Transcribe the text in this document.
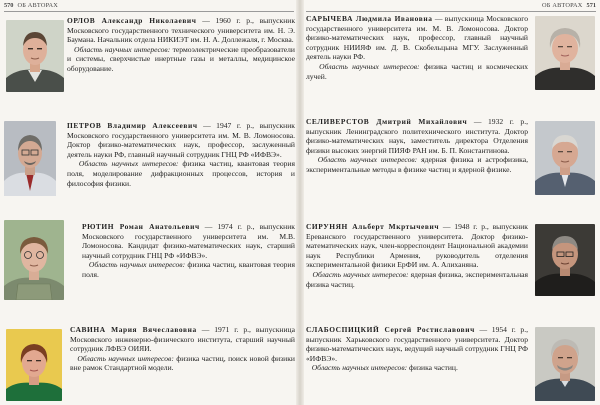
570 ОБ АВТОРАХ	ОБ АВТОРАХ 571
ОРЛОВ Александр Николаевич — 1960 г. р., выпускник Московского государственного технического университета им. Н. Э. Баумана. Начальник отдела НИКИЭТ им. Н. А. Доллежаля, г. Москва.
Область научных интересов: термоэлектрические преобразователи и системы, сверхчистые инертные газы и металлы, медицинское оборудование.
ПЕТРОВ Владимир Алексеевич — 1947 г. р., выпускник Московского государственного университета им. М. В. Ломоносова. Доктор физико-математических наук, профессор, заслуженный деятель науки РФ, главный научный сотрудник ГНЦ РФ «ИФВЭ».
Область научных интересов: физика частиц, квантовая теория поля, моделирование дифракционных процессов, история и философия физики.
РЮТИН Роман Анатольевич — 1974 г. р., выпускник Московского государственного университета им. М.В. Ломоносова. Кандидат физико-математических наук, старший научный сотрудник ГНЦ РФ «ИФВЭ».
Область научных интересов: физика частиц, квантовая теория поля.
САВИНА Мария Вячеславовна — 1971 г. р., выпускница Московского инженерно-физического института, старший научный сотрудник ЛФВЭ ОИЯИ.
Область научных интересов: физика частиц, поиск новой физики вне рамок Стандартной модели.
САРЫЧЕВА Людмила Ивановна — выпускница Московского государственного университета им. М. В. Ломоносова. Доктор физико-математических наук, профессор, главный научный сотрудник НИИЯФ им. Д. В. Скобельцына МГУ. Заслуженный деятель науки РФ.
Область научных интересов: физика частиц и космических лучей.
СЕЛИВЕРСТОВ Дмитрий Михайлович — 1932 г. р., выпускник Ленинградского политехнического института. Доктор физико-математических наук, заместитель директора Отделения физики высоких энергий ПИЯФ РАН им. Б. П. Константинова.
Область научных интересов: ядерная физика и астрофизика, экспериментальные методы в физике частиц и ядерной физике.
СИРУНЯН Альберт Мкртычевич — 1948 г. р., выпускник Ереванского государственного университета. Доктор физико-математических наук, член-корреспондент Национальной академии наук Республики Армения, руководитель отделения экспериментальной физики ЕрФИ им. А. Алиханяна.
Область научных интересов: ядерная физика, экспериментальная физика частиц.
СЛАБОСПИЦКИЙ Сергей Ростиславович — 1954 г. р., выпускник Харьковского государственного университета. Доктор физико-математических наук, ведущий научный сотрудник ГНЦ РФ «ИФВЭ».
Область научных интересов: физика частиц.
